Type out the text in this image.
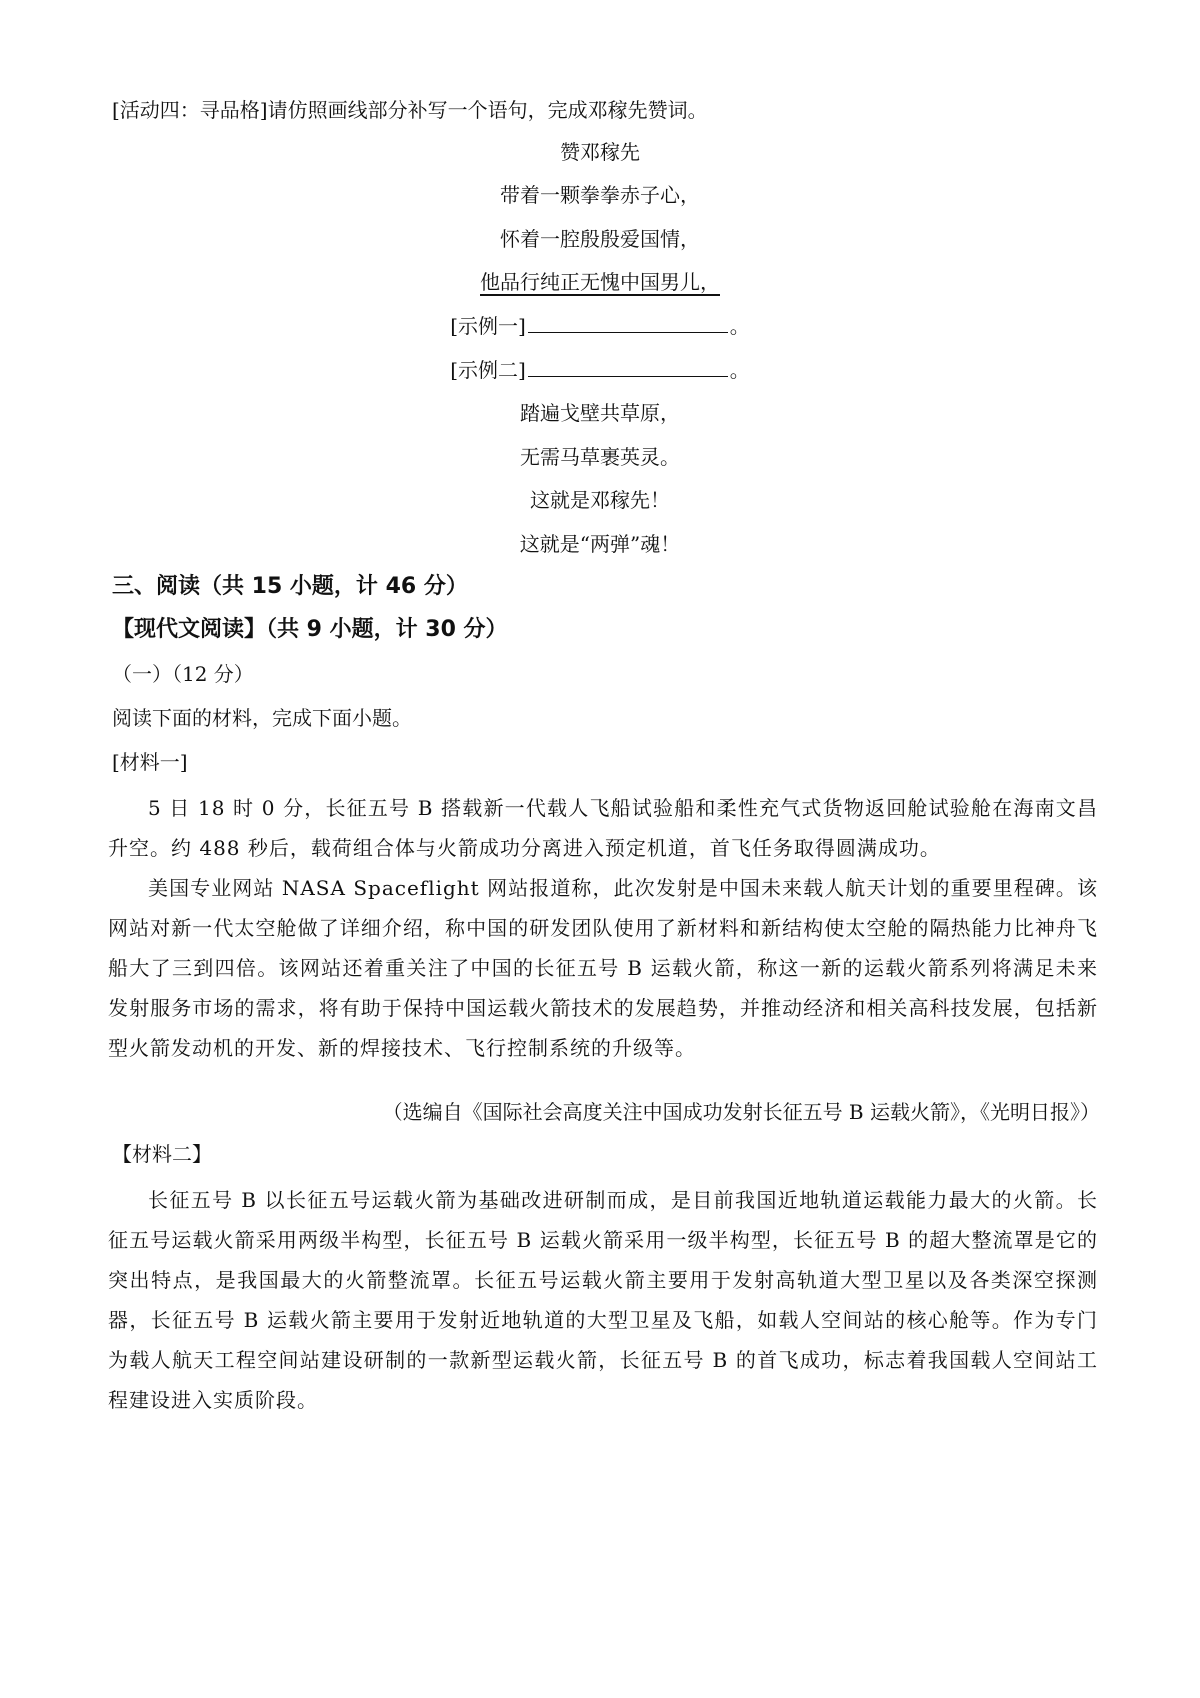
[活动四：寻品格]请仿照画线部分补写一个语句，完成邓稼先赞词。
赞邓稼先
带着一颗拳拳赤子心，
怀着一腔殷殷爱国情，
他品行纯正无愧中国男儿，
[示例一]	。
[示例二]	。
踏遍戈壁共草原，
无需马草裹英灵。
这就是邓稼先！
这就是“两弹”魂！
三、阅读（共 15 小题，计 46 分）
【现代文阅读】（共 9 小题，计 30 分）
（一）（12 分）
阅读下面的材料，完成下面小题。
[材料一]
5 日 18 时 0 分，长征五号 B 搭载新一代载人飞船试验船和柔性充气式货物返回舱试验舱在海南文昌升空。约 488 秒后，载荷组合体与火箭成功分离进入预定机道，首飞任务取得圆满成功。
美国专业网站 NASA Spaceflight 网站报道称，此次发射是中国未来载人航天计划的重要里程碑。该网站对新一代太空舱做了详细介绍，称中国的研发团队使用了新材料和新结构使太空舱的隔热能力比神舟飞船大了三到四倍。该网站还着重关注了中国的长征五号 B 运载火箭，称这一新的运载火箭系列将满足未来发射服务市场的需求，将有助于保持中国运载火箭技术的发展趋势，并推动经济和相关高科技发展，包括新型火箭发动机的开发、新的焊接技术、飞行控制系统的升级等。
（选编自《国际社会高度关注中国成功发射长征五号 B 运载火箭》，《光明日报》）
【材料二】
长征五号 B 以长征五号运载火箭为基础改进研制而成，是目前我国近地轨道运载能力最大的火箭。长征五号运载火箭采用两级半构型，长征五号 B 运载火箭采用一级半构型，长征五号 B 的超大整流罩是它的突出特点，是我国最大的火箭整流罩。长征五号运载火箭主要用于发射高轨道大型卫星以及各类深空探测器，长征五号 B 运载火箭主要用于发射近地轨道的大型卫星及飞船，如载人空间站的核心舱等。作为专门为载人航天工程空间站建设研制的一款新型运载火箭，长征五号 B 的首飞成功，标志着我国载人空间站工程建设进入实质阶段。
